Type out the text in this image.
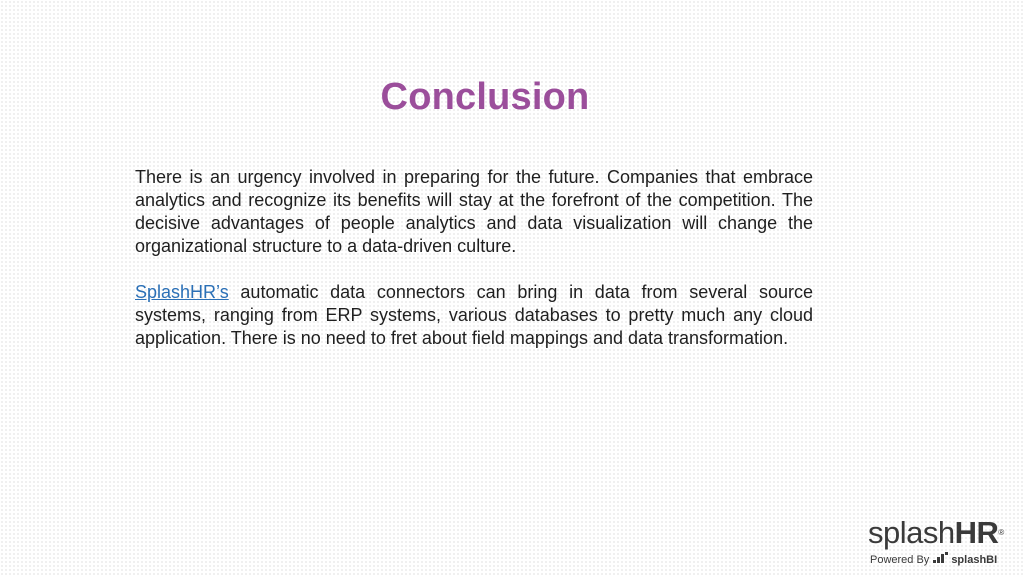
Conclusion

There is an urgency involved in preparing for the future. Companies that embrace analytics and recognize its benefits will stay at the forefront of the competition. The decisive advantages of people analytics and data visualization will change the organizational structure to a data-driven culture.

SplashHR’s automatic data connectors can bring in data from several source systems, ranging from ERP systems, various databases to pretty much any cloud application. There is no need to fret about field mappings and data transformation.

splashHR®
Powered By splashBI
